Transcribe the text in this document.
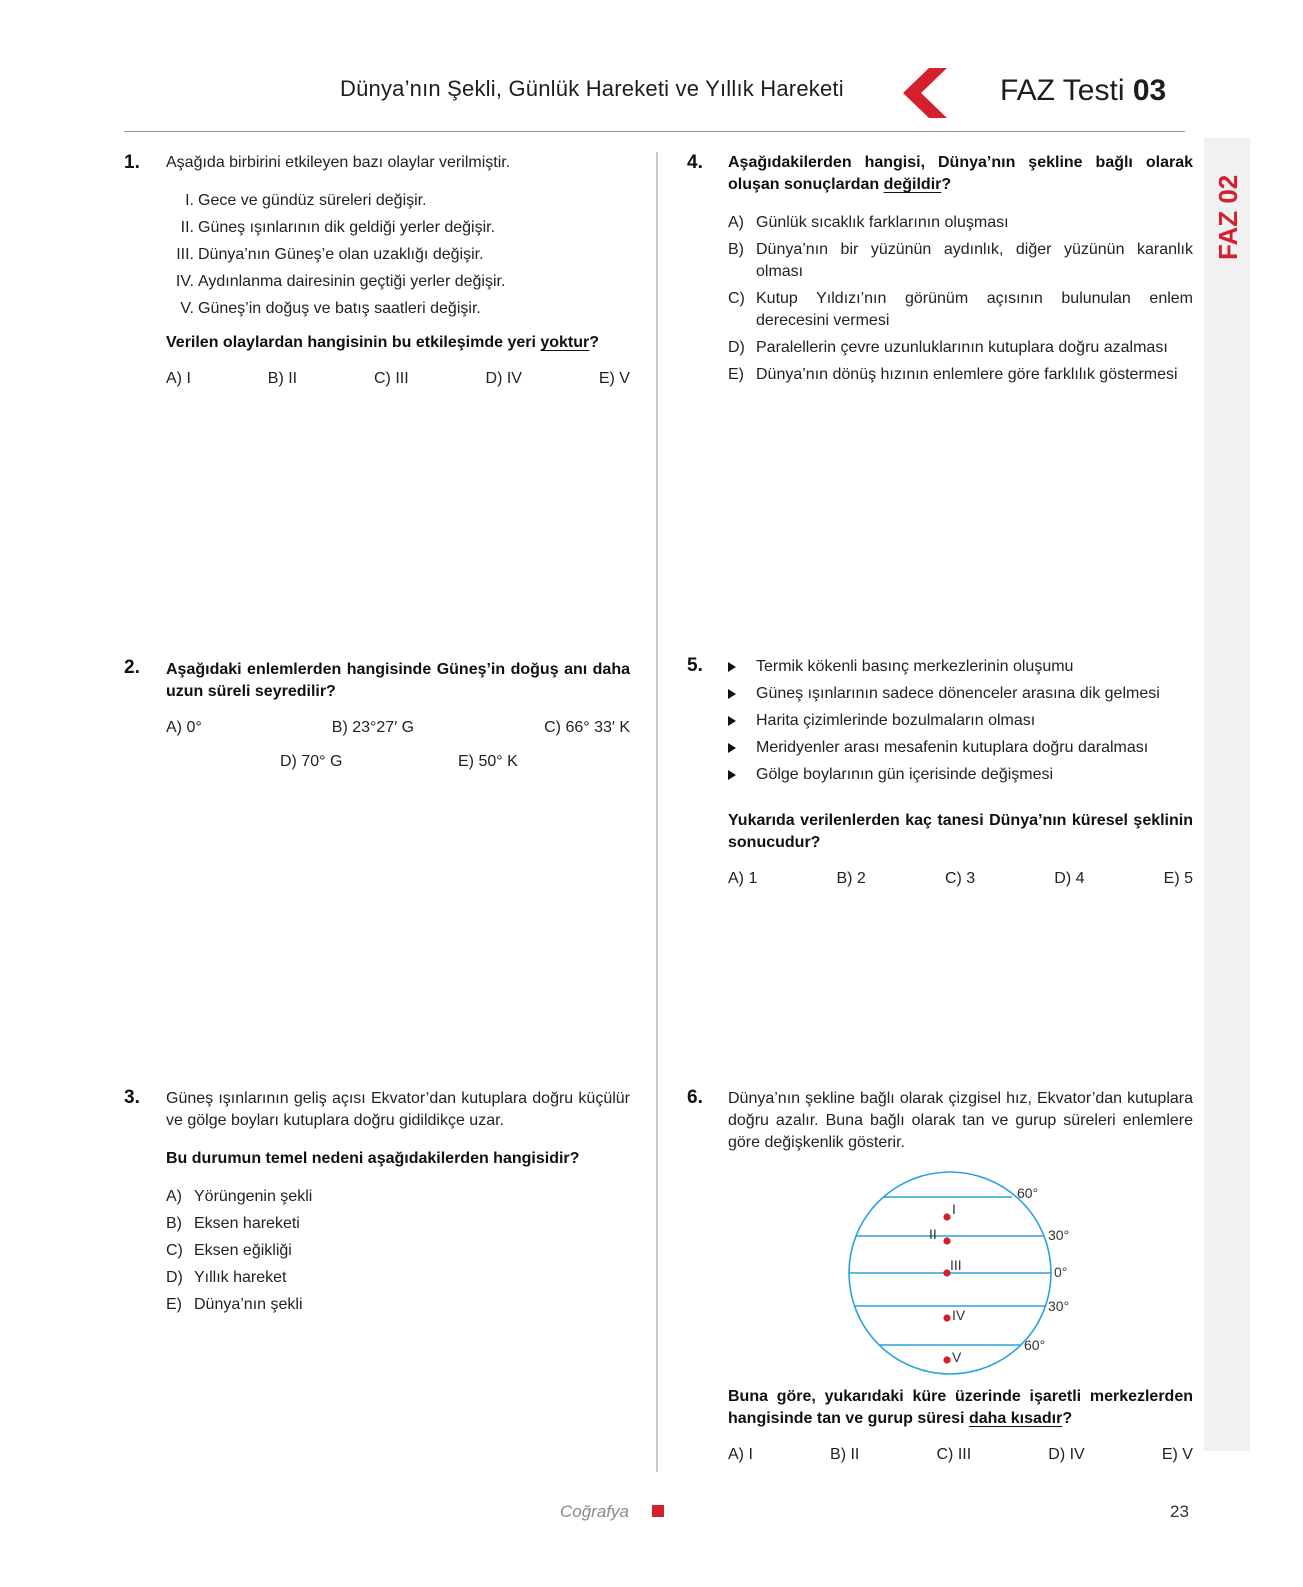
Dünya’nın Şekli, Günlük Hareketi ve Yıllık Hareketi	FAZ Testi 03
FAZ 02
1. Aşağıda birbirini etkileyen bazı olaylar verilmiştir.
I. Gece ve gündüz süreleri değişir.
II. Güneş ışınlarının dik geldiği yerler değişir.
III. Dünya’nın Güneş’e olan uzaklığı değişir.
IV. Aydınlanma dairesinin geçtiği yerler değişir.
V. Güneş’in doğuş ve batış saatleri değişir.
Verilen olaylardan hangisinin bu etkileşimde yeri yoktur?
A) I	B) II	C) III	D) IV	E) V
2. Aşağıdaki enlemlerden hangisinde Güneş’in doğuş anı daha uzun süreli seyredilir?
A) 0°	B) 23°27′ G	C) 66° 33′ K
D) 70° G	E) 50° K
3. Güneş ışınlarının geliş açısı Ekvator’dan kutuplara doğru küçülür ve gölge boyları kutuplara doğru gidildikçe uzar.
Bu durumun temel nedeni aşağıdakilerden hangisidir?
A) Yörüngenin şekli
B) Eksen hareketi
C) Eksen eğikliği
D) Yıllık hareket
E) Dünya’nın şekli
4. Aşağıdakilerden hangisi, Dünya’nın şekline bağlı olarak oluşan sonuçlardan değildir?
A) Günlük sıcaklık farklarının oluşması
B) Dünya’nın bir yüzünün aydınlık, diğer yüzünün karanlık olması
C) Kutup Yıldızı’nın görünüm açısının bulunulan enlem derecesini vermesi
D) Paralellerin çevre uzunluklarının kutuplara doğru azalması
E) Dünya’nın dönüş hızının enlemlere göre farklılık göstermesi
5.	Termik kökenli basınç merkezlerinin oluşumu
Güneş ışınlarının sadece dönenceler arasına dik gelmesi
Harita çizimlerinde bozulmaların olması
Meridyenler arası mesafenin kutuplara doğru daralması
Gölge boylarının gün içerisinde değişmesi
Yukarıda verilenlerden kaç tanesi Dünya’nın küresel şeklinin sonucudur?
A) 1	B) 2	C) 3	D) 4	E) 5
6. Dünya’nın şekline bağlı olarak çizgisel hız, Ekvator’dan kutuplara doğru azalır. Buna bağlı olarak tan ve gurup süreleri enlemlere göre değişkenlik gösterir.
60°
30°
0°
30°
60°
I
II
III
IV
V
Buna göre, yukarıdaki küre üzerinde işaretli merkezlerden hangisinde tan ve gurup süresi daha kısadır?
A) I	B) II	C) III	D) IV	E) V
Coğrafya	23
